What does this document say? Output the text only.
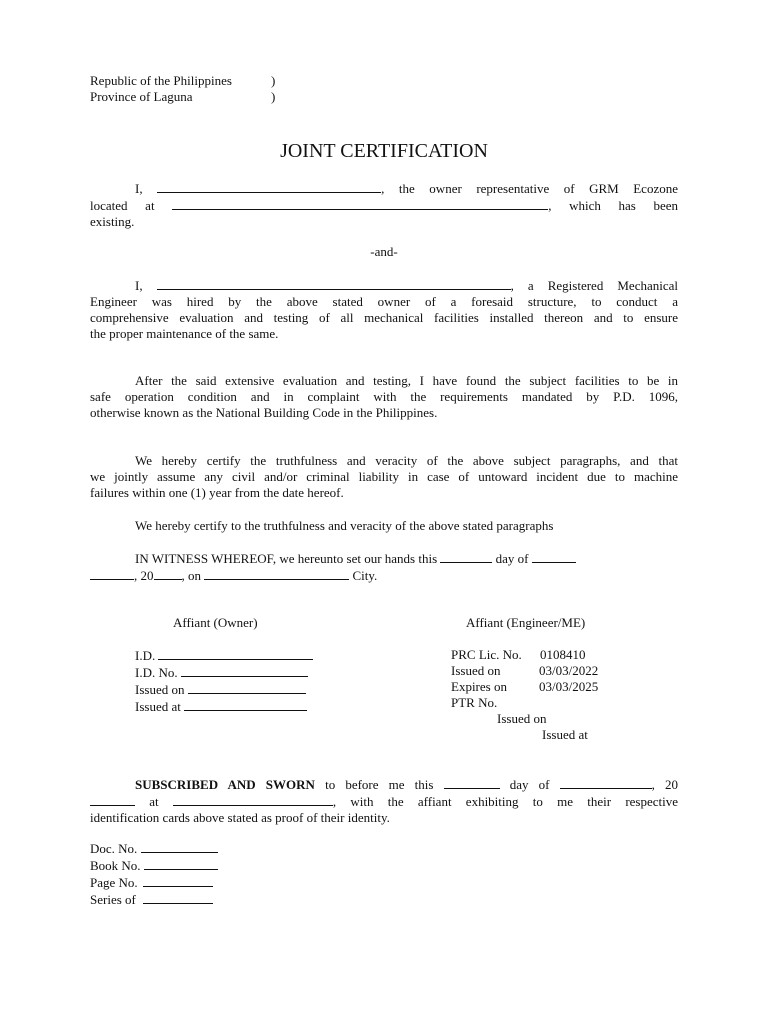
Republic of the Philippines	)
Province of Laguna	)
JOINT CERTIFICATION
I,	, the owner representative of GRM Ecozone
located at	, which has been
existing.
-and-
I,	, a Registered Mechanical
Engineer was hired by the above stated owner of a foresaid structure, to conduct a
comprehensive evaluation and testing of all mechanical facilities installed thereon and to ensure
the proper maintenance of the same.
After the said extensive evaluation and testing, I have found the subject facilities to be in
safe operation condition and in complaint with the requirements mandated by P.D. 1096,
otherwise known as the National Building Code in the Philippines.
We hereby certify the truthfulness and veracity of the above subject paragraphs, and that
we jointly assume any civil and/or criminal liability in case of untoward incident due to machine
failures within one (1) year from the date hereof.
We hereby certify to the truthfulness and veracity of the above stated paragraphs
IN WITNESS WHEREOF, we hereunto set our hands this	day of
, 20 , on	City.
Affiant (Owner)	Affiant (Engineer/ME)
I.D.
I.D. No.
Issued on
Issued at
PRC Lic. No. 0108410
Issued on	03/03/2022
Expires on 03/03/2025
PTR No.
Issued on
Issued at
SUBSCRIBED AND SWORN to before me this	day of	, 20
at	, with the affiant exhibiting to me their respective
identification cards above stated as proof of their identity.
Doc. No.
Book No.
Page No.
Series of
